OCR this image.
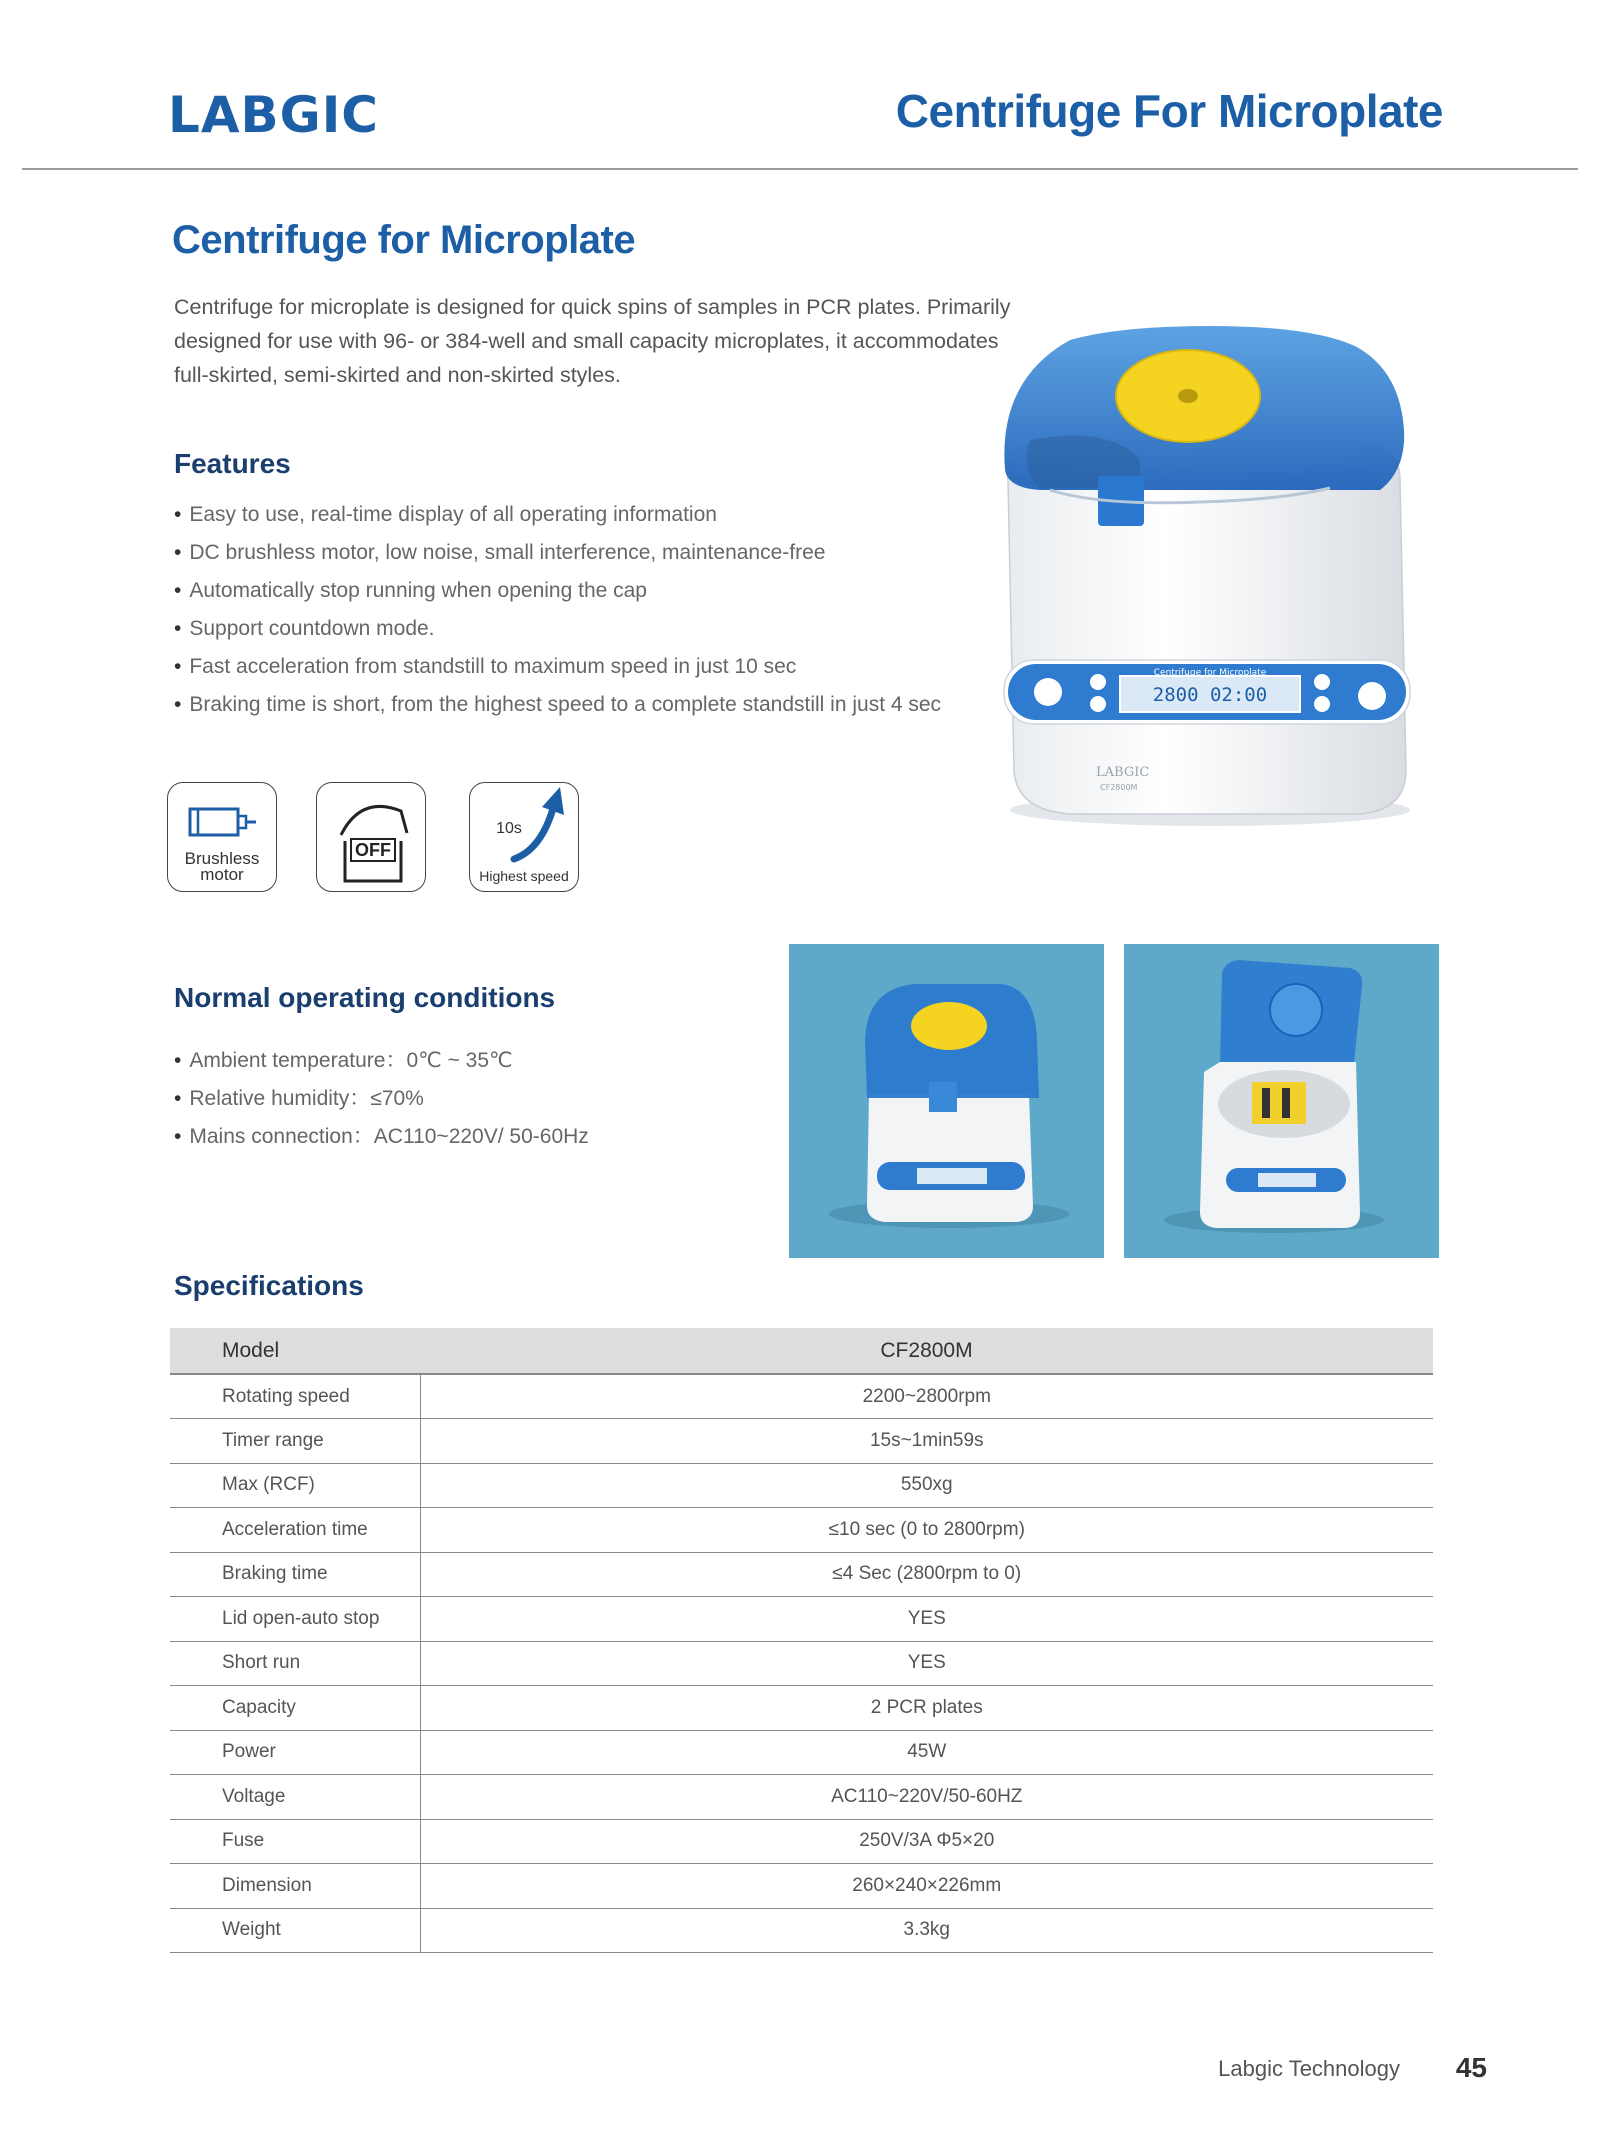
LABGIC	Centrifuge For Microplate
Centrifuge for Microplate

Centrifuge for microplate is designed for quick spins of samples in PCR plates. Primarily designed for use with 96- or 384-well and small capacity microplates, it accommodates full-skirted, semi-skirted and non-skirted styles.

Features
• Easy to use, real-time display of all operating information
• DC brushless motor, low noise, small interference, maintenance-free
• Automatically stop running when opening the cap
• Support countdown mode.
• Fast acceleration from standstill to maximum speed in just 10 sec
• Braking time is short, from the highest speed to a complete standstill in just 4 sec
Brushless
motor
OFF
10s
Highest speed
Centrifuge for Microplate
2800 02:00
LABGIC
CF2800M
Normal operating conditions
• Ambient temperature：0℃ ~ 35℃
• Relative humidity：≤70%
• Mains connection：AC110~220V/ 50-60Hz
Specifications
Model	CF2800M
Rotating speed	2200~2800rpm
Timer range	15s~1min59s
Max (RCF)	550xg
Acceleration time	≤10 sec (0 to 2800rpm)
Braking time	≤4 Sec (2800rpm to 0)
Lid open-auto stop	YES
Short run	YES
Capacity	2 PCR plates
Power	45W
Voltage	AC110~220V/50-60HZ
Fuse	250V/3A Φ5×20
Dimension	260×240×226mm
Weight	3.3kg
Labgic Technology 45
